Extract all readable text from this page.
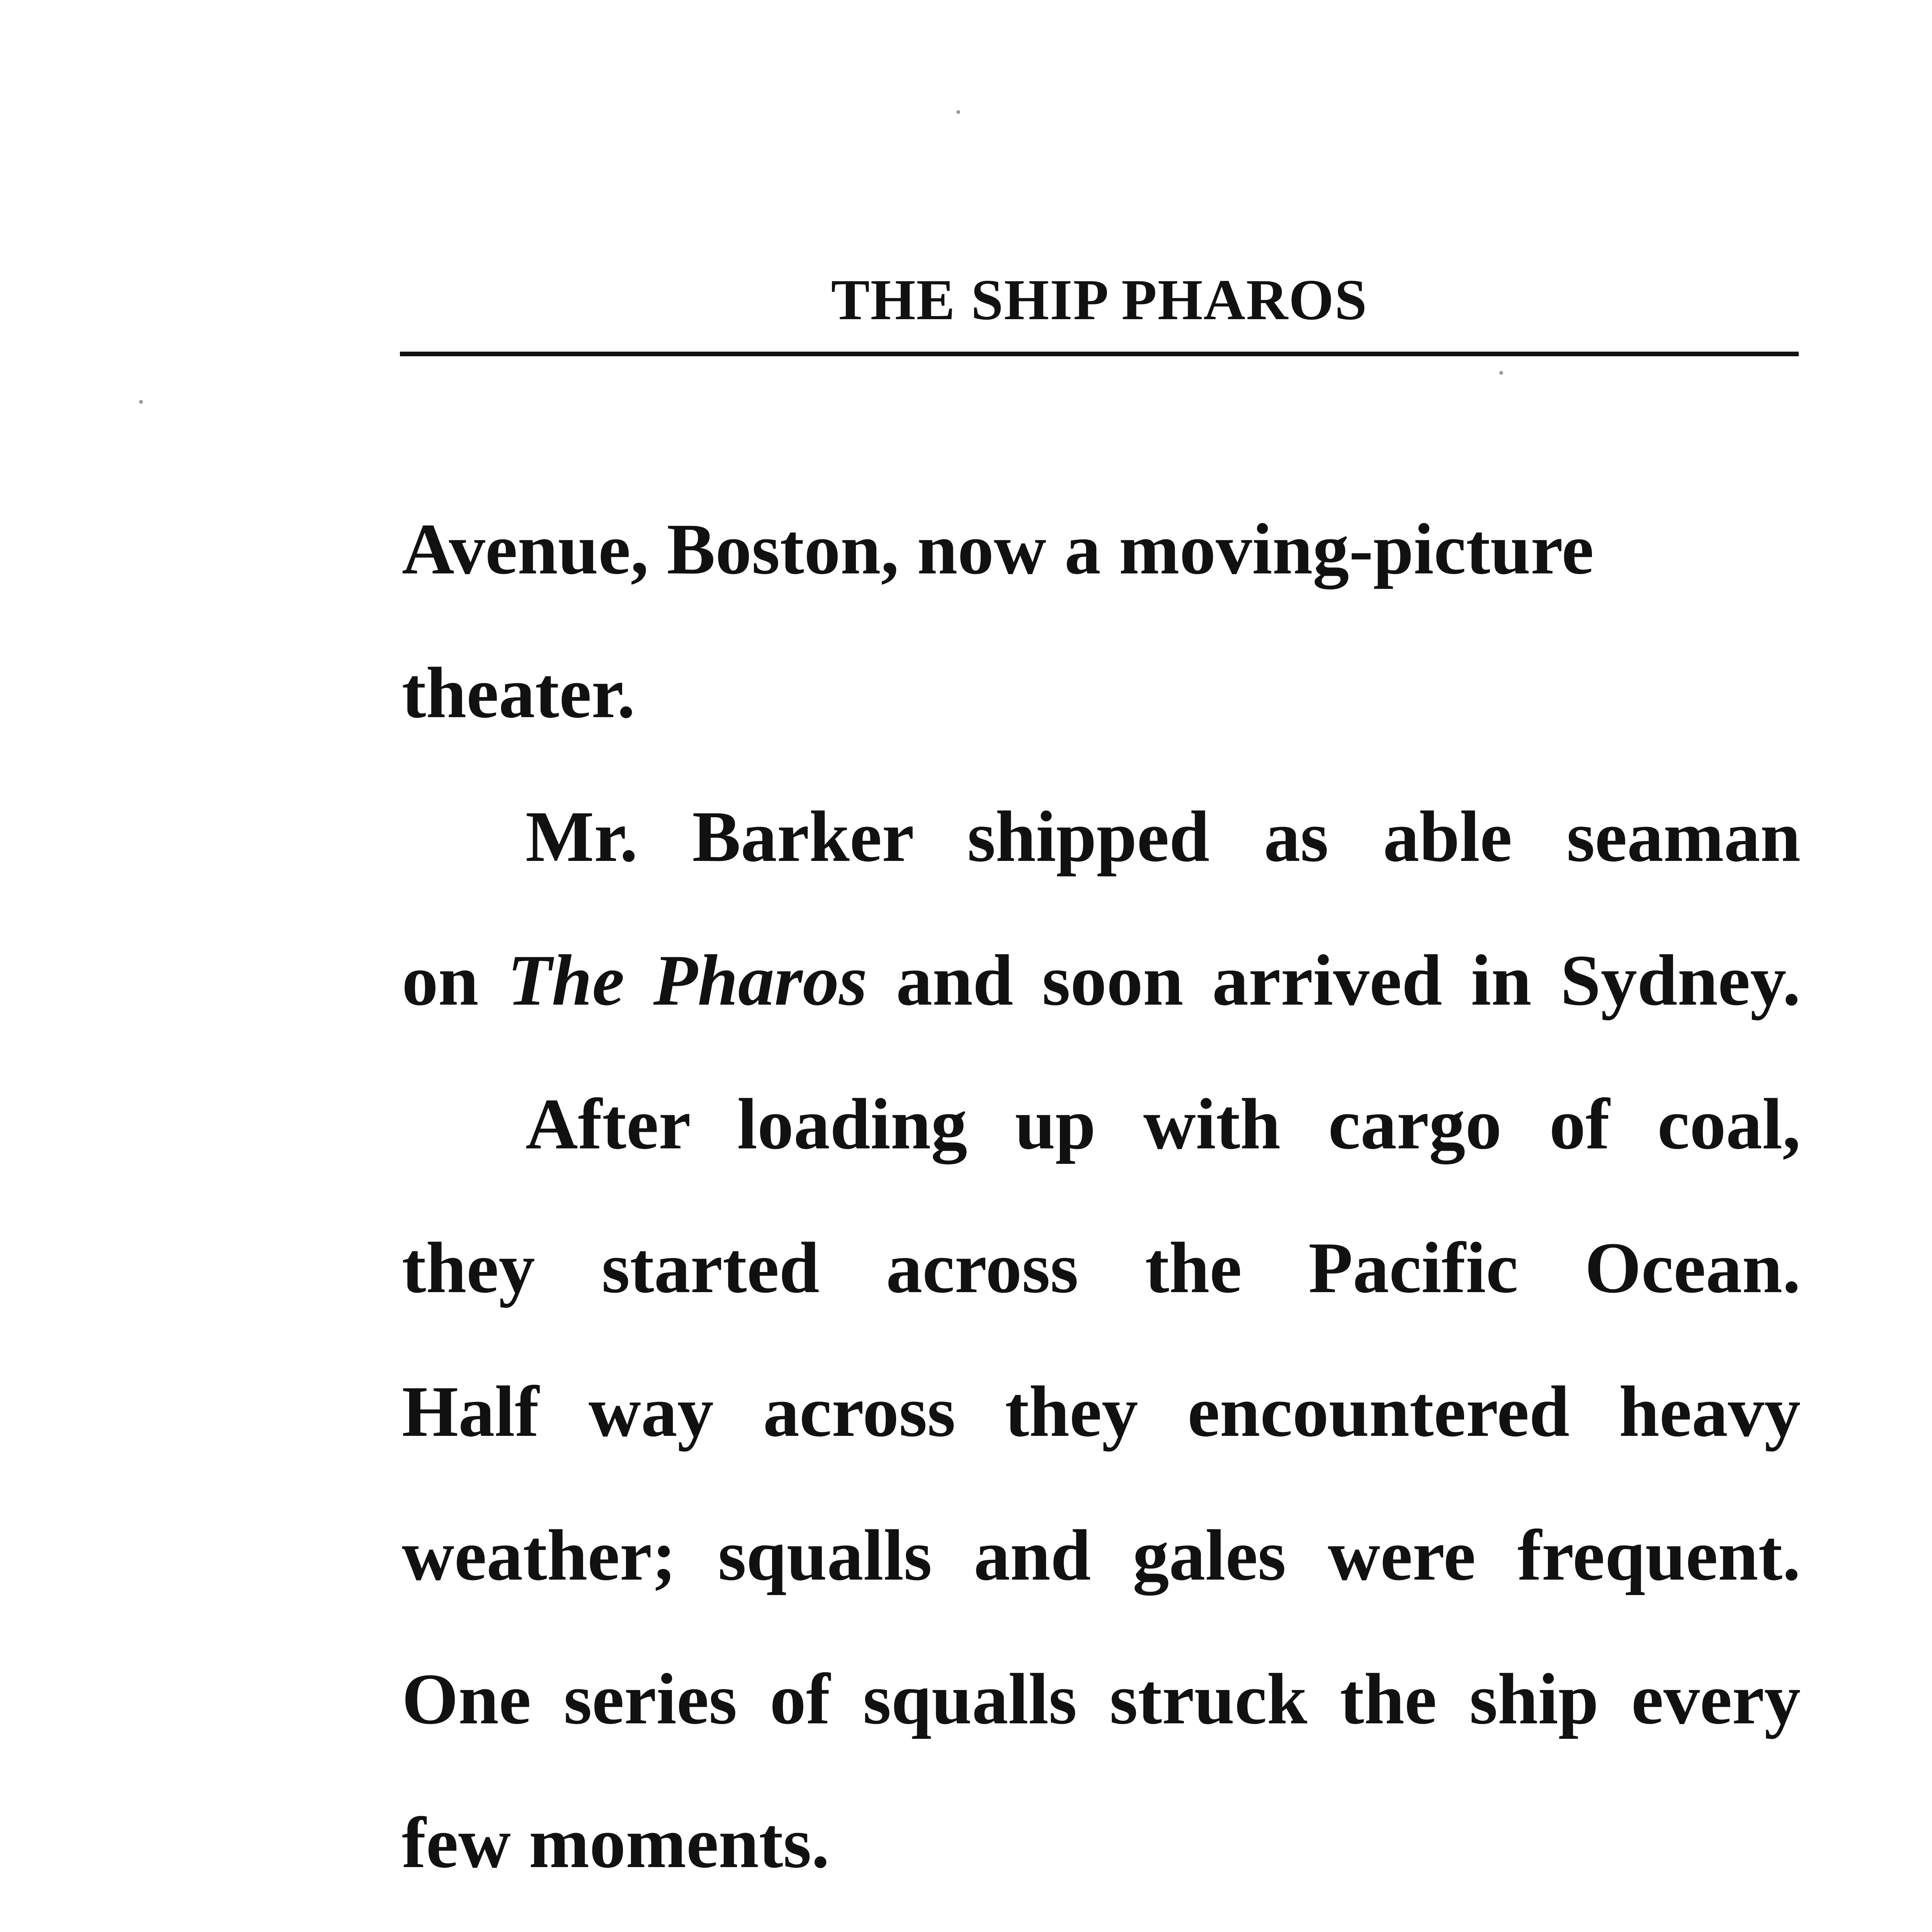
THE SHIP PHAROS
Avenue, Boston, now a moving-picture
theater.
Mr. Barker shipped as able seaman
on The Pharos and soon arrived in Sydney.
After loading up with cargo of coal,
they started across the Pacific Ocean.
Half way across they encountered heavy
weather; squalls and gales were frequent.
One series of squalls struck the ship every
few moments.
